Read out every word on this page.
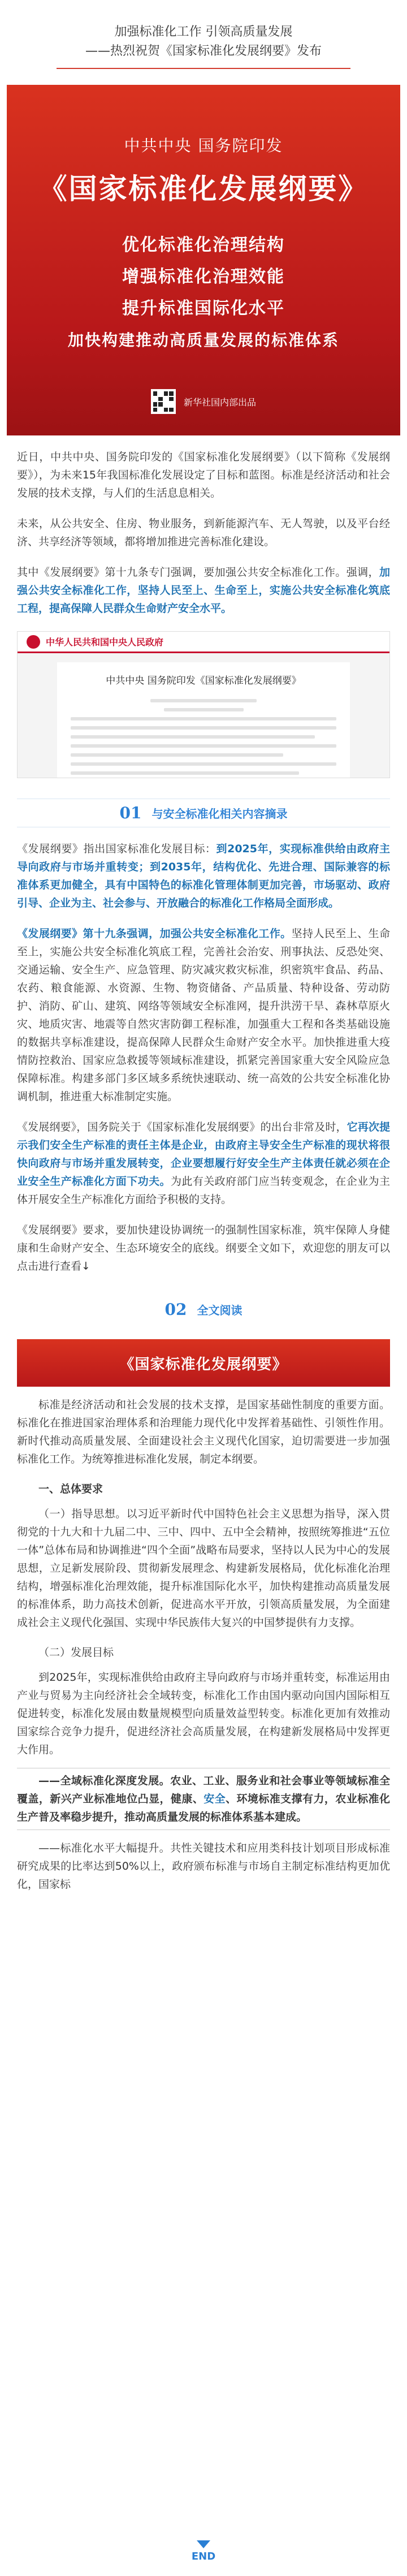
加强标准化工作 引领高质量发展
——热烈祝贺《国家标准化发展纲要》发布
中共中央 国务院印发
《国家标准化发展纲要》
优化标准化治理结构
增强标准化治理效能
提升标准国际化水平
加快构建推动高质量发展的标准体系
新华社国内部出品

近日，中共中央、国务院印发的《国家标准化发展纲要》（以下简称《发展纲要》），为未来15年我国标准化发展设定了目标和蓝图。标准是经济活动和社会发展的技术支撑，与人们的生活息息相关。

未来，从公共安全、住房、物业服务，到新能源汽车、无人驾驶，以及平台经济、共享经济等领域，都将增加推进完善标准化建设。

其中《发展纲要》第十九条专门强调，要加强公共安全标准化工作。强调，加强公共安全标准化工作，坚持人民至上、生命至上，实施公共安全标准化筑底工程，提高保障人民群众生命财产安全水平。

中华人民共和国中央人民政府
中共中央 国务院印发《国家标准化发展纲要》
01 与安全标准化相关内容摘录

《发展纲要》指出国家标准化发展目标：到2025年，实现标准供给由政府主导向政府与市场并重转变；到2035年，结构优化、先进合理、国际兼容的标准体系更加健全，具有中国特色的标准化管理体制更加完善，市场驱动、政府引导、企业为主、社会参与、开放融合的标准化工作格局全面形成。

《发展纲要》第十九条强调，加强公共安全标准化工作。坚持人民至上、生命至上，实施公共安全标准化筑底工程，完善社会治安、刑事执法、反恐处突、交通运输、安全生产、应急管理、防灾减灾救灾标准，织密筑牢食品、药品、农药、粮食能源、水资源、生物、物资储备、产品质量、特种设备、劳动防护、消防、矿山、建筑、网络等领域安全标准网，提升洪涝干旱、森林草原火灾、地质灾害、地震等自然灾害防御工程标准，加强重大工程和各类基础设施的数据共享标准建设，提高保障人民群众生命财产安全水平。加快推进重大疫情防控救治、国家应急救援等领域标准建设，抓紧完善国家重大安全风险应急保障标准。构建多部门多区域多系统快速联动、统一高效的公共安全标准化协调机制，推进重大标准制定实施。

《发展纲要》，国务院关于《国家标准化发展纲要》的出台非常及时，它再次提示我们安全生产标准的责任主体是企业，由政府主导安全生产标准的现状将很快向政府与市场并重发展转变，企业要想履行好安全生产主体责任就必须在企业安全生产标准化方面下功夫。为此有关政府部门应当转变观念，在企业为主体开展安全生产标准化方面给予积极的支持。

《发展纲要》要求，要加快建设协调统一的强制性国家标准，筑牢保障人身健康和生命财产安全、生态环境安全的底线。纲要全文如下，欢迎您的朋友可以点击进行查看↓

02 全文阅读
《国家标准化发展纲要》

标准是经济活动和社会发展的技术支撑，是国家基础性制度的重要方面。标准化在推进国家治理体系和治理能力现代化中发挥着基础性、引领性作用。新时代推动高质量发展、全面建设社会主义现代化国家，迫切需要进一步加强标准化工作。为统筹推进标准化发展，制定本纲要。

一、总体要求

（一）指导思想。以习近平新时代中国特色社会主义思想为指导，深入贯彻党的十九大和十九届二中、三中、四中、五中全会精神，按照统筹推进“五位一体”总体布局和协调推进“四个全面”战略布局要求，坚持以人民为中心的发展思想，立足新发展阶段、贯彻新发展理念、构建新发展格局，优化标准化治理结构，增强标准化治理效能，提升标准国际化水平，加快构建推动高质量发展的标准体系，助力高技术创新，促进高水平开放，引领高质量发展，为全面建成社会主义现代化强国、实现中华民族伟大复兴的中国梦提供有力支撑。

（二）发展目标

到2025年，实现标准供给由政府主导向政府与市场并重转变，标准运用由产业与贸易为主向经济社会全域转变，标准化工作由国内驱动向国内国际相互促进转变，标准化发展由数量规模型向质量效益型转变。标准化更加有效推动国家综合竞争力提升，促进经济社会高质量发展，在构建新发展格局中发挥更大作用。

——全域标准化深度发展。农业、工业、服务业和社会事业等领域标准全覆盖，新兴产业标准地位凸显，健康、安全、环境标准支撑有力，农业标准化生产普及率稳步提升，推动高质量发展的标准体系基本建成。

——标准化水平大幅提升。共性关键技术和应用类科技计划项目形成标准研究成果的比率达到50%以上，政府颁布标准与市场自主制定标准结构更加优化，国家标

END
